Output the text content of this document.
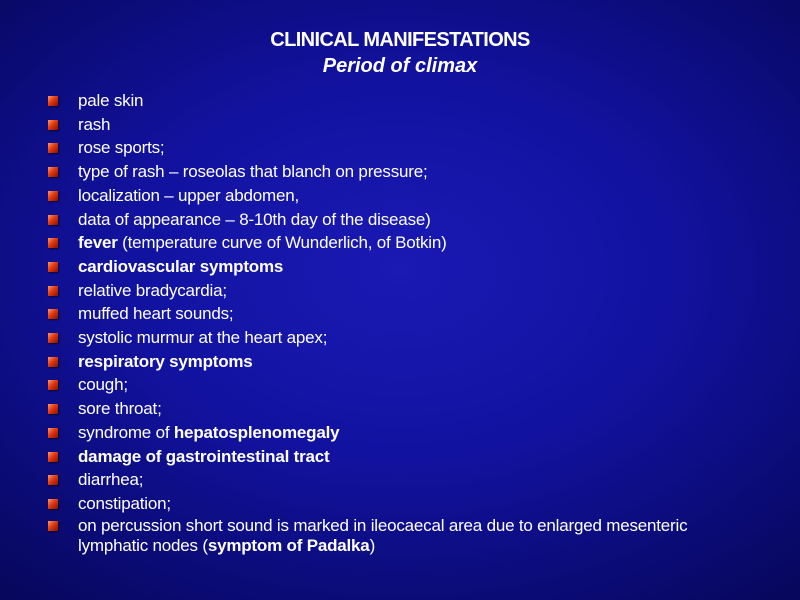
CLINICAL MANIFESTATIONS
Period of climax
pale skin
rash
rose sports;
type of rash – roseolas that blanch on pressure;
localization – upper abdomen,
data of appearance – 8-10th day of the disease)
fever (temperature curve of Wunderlich, of Botkin)
cardiovascular symptoms
relative bradycardia;
muffed heart sounds;
systolic murmur at the heart apex;
respiratory symptoms
cough;
sore throat;
syndrome of hepatosplenomegaly
damage of gastrointestinal tract
diarrhea;
constipation;
on percussion short sound is marked in ileocaecal area due to enlarged mesenteric lymphatic nodes (symptom of Padalka)
